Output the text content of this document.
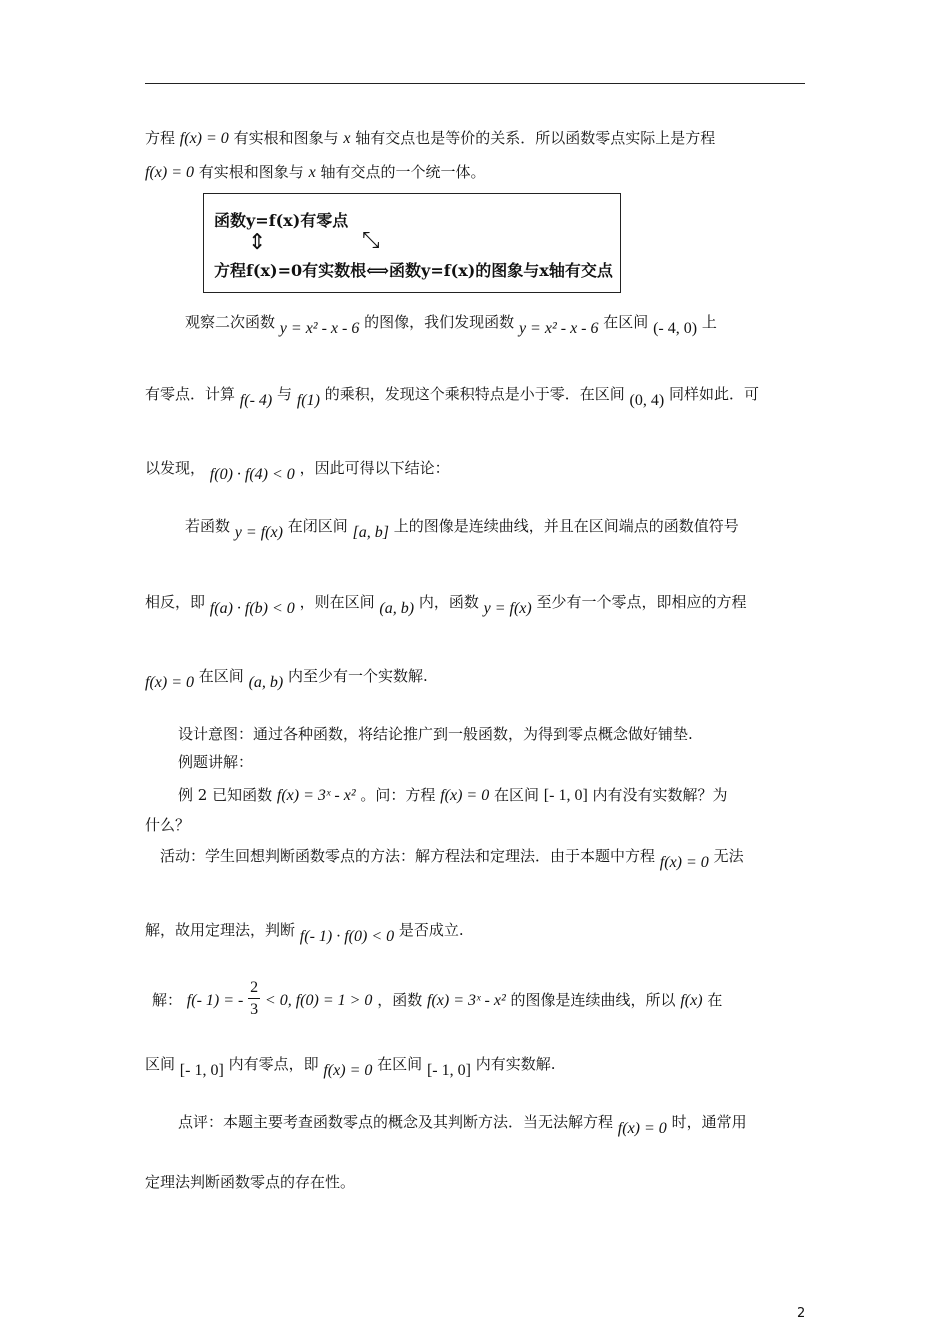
方程 f(x) = 0 有实根和图象与 x 轴有交点也是等价的关系．所以函数零点实际上是方程
f(x) = 0 有实根和图象与 x 轴有交点的一个统一体。
函数y=f(x)有零点
⇕	⤡
方程f(x)=0有实数根⟺函数y=f(x)的图象与x轴有交点
观察二次函数 y = x² - x - 6 的图像，我们发现函数 y = x² - x - 6 在区间 (- 4, 0) 上
有零点．计算 f(- 4) 与 f(1) 的乘积，发现这个乘积特点是小于零．在区间 (0, 4) 同样如此．可
以发现， f(0) · f(4) < 0 ，因此可得以下结论：
若函数 y = f(x) 在闭区间 [a, b] 上的图像是连续曲线，并且在区间端点的函数值符号
相反，即 f(a) · f(b) < 0 ，则在区间 (a, b) 内，函数 y = f(x) 至少有一个零点，即相应的方程
f(x) = 0 在区间 (a, b) 内至少有一个实数解.
设计意图：通过各种函数，将结论推广到一般函数，为得到零点概念做好铺垫.
例题讲解：
例 2 已知函数 f(x) = 3ˣ - x² 。问：方程 f(x) = 0 在区间 [- 1, 0] 内有没有实数解？为
什么？
活动：学生回想判断函数零点的方法：解方程法和定理法．由于本题中方程 f(x) = 0 无法
解，故用定理法，判断 f(- 1) · f(0) < 0 是否成立.
解： f(- 1) = - $\frac{2}{3} < 0$, f(0) = 1 > 0 ，函数 f(x) = 3ˣ - x² 的图像是连续曲线，所以 f(x) 在
区间 [- 1, 0] 内有零点，即 f(x) = 0 在区间 [- 1, 0] 内有实数解.
点评：本题主要考查函数零点的概念及其判断方法．当无法解方程 f(x) = 0 时，通常用
定理法判断函数零点的存在性。
2
